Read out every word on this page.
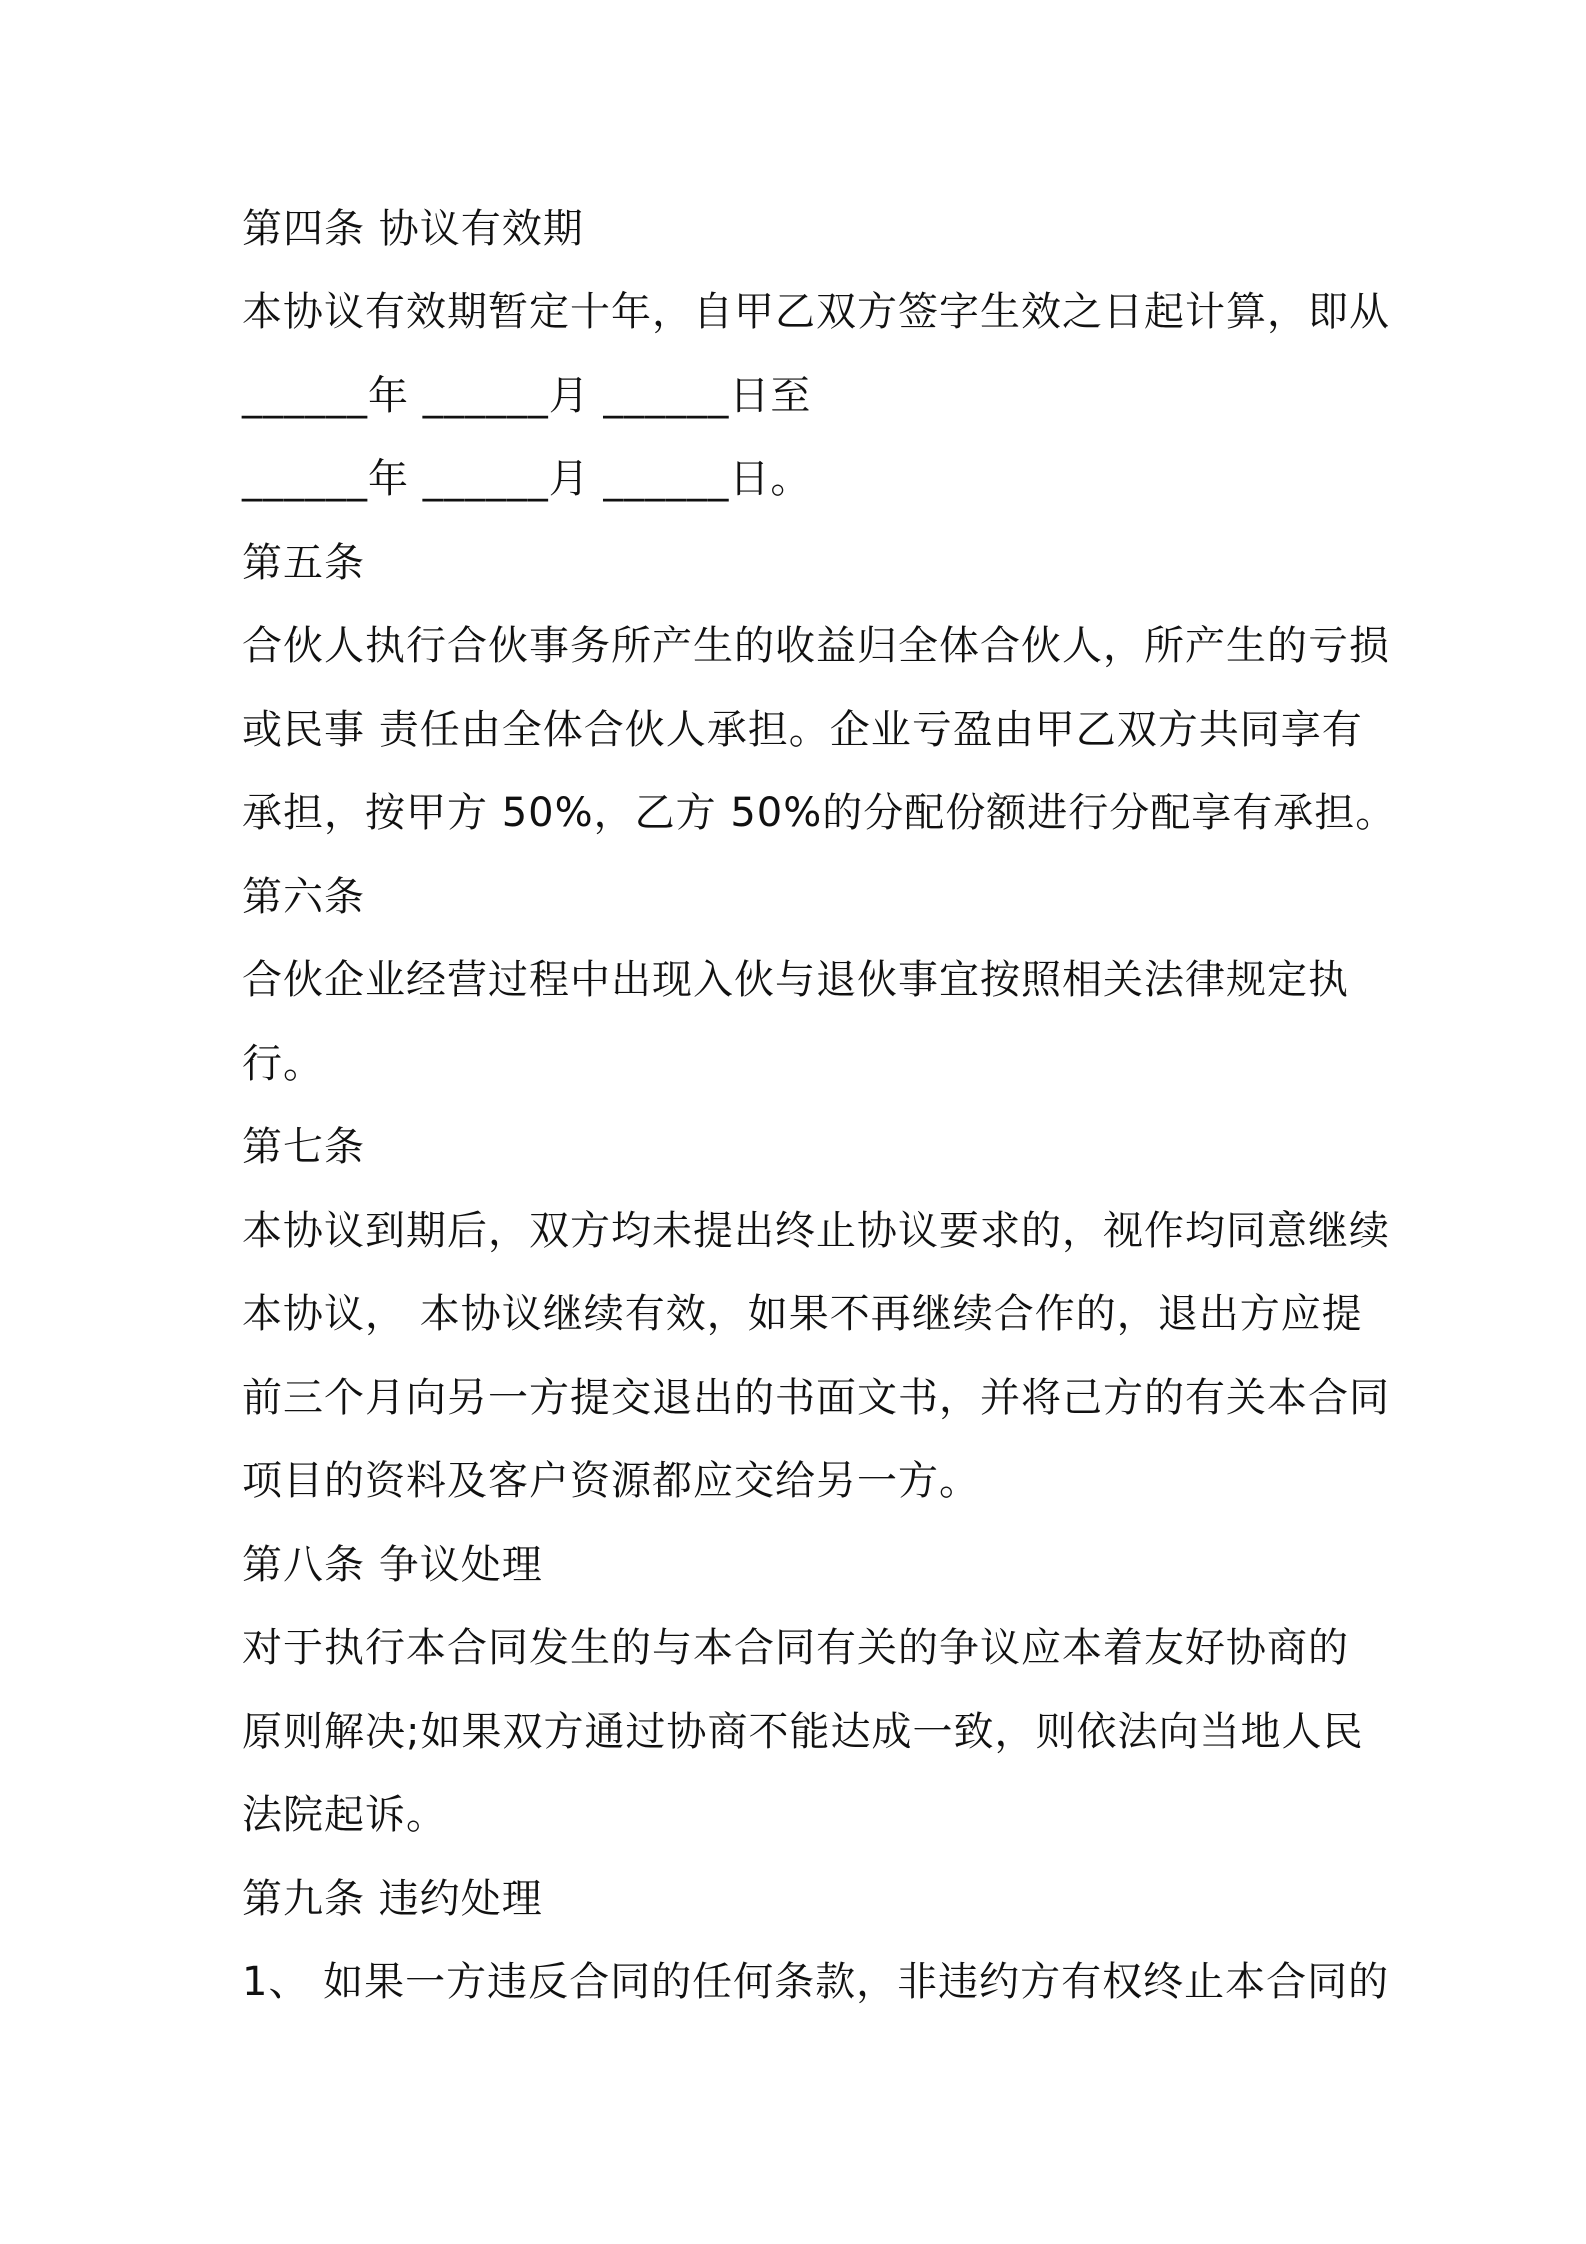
第四条 协议有效期
本协议有效期暂定十年，自甲乙双方签字生效之日起计算，即从
______年 ______月 ______日至
______年 ______月 ______日。
第五条
合伙人执行合伙事务所产生的收益归全体合伙人，所产生的亏损
或民事 责任由全体合伙人承担。企业亏盈由甲乙双方共同享有
承担，按甲方 50%，乙方 50%的分配份额进行分配享有承担。
第六条
合伙企业经营过程中出现入伙与退伙事宜按照相关法律规定执
行。
第七条
本协议到期后，双方均未提出终止协议要求的，视作均同意继续
本协议， 本协议继续有效，如果不再继续合作的，退出方应提
前三个月向另一方提交退出的书面文书，并将己方的有关本合同
项目的资料及客户资源都应交给另一方。
第八条 争议处理
对于执行本合同发生的与本合同有关的争议应本着友好协商的
原则解决;如果双方通过协商不能达成一致，则依法向当地人民
法院起诉。
第九条 违约处理
1、 如果一方违反合同的任何条款，非违约方有权终止本合同的
